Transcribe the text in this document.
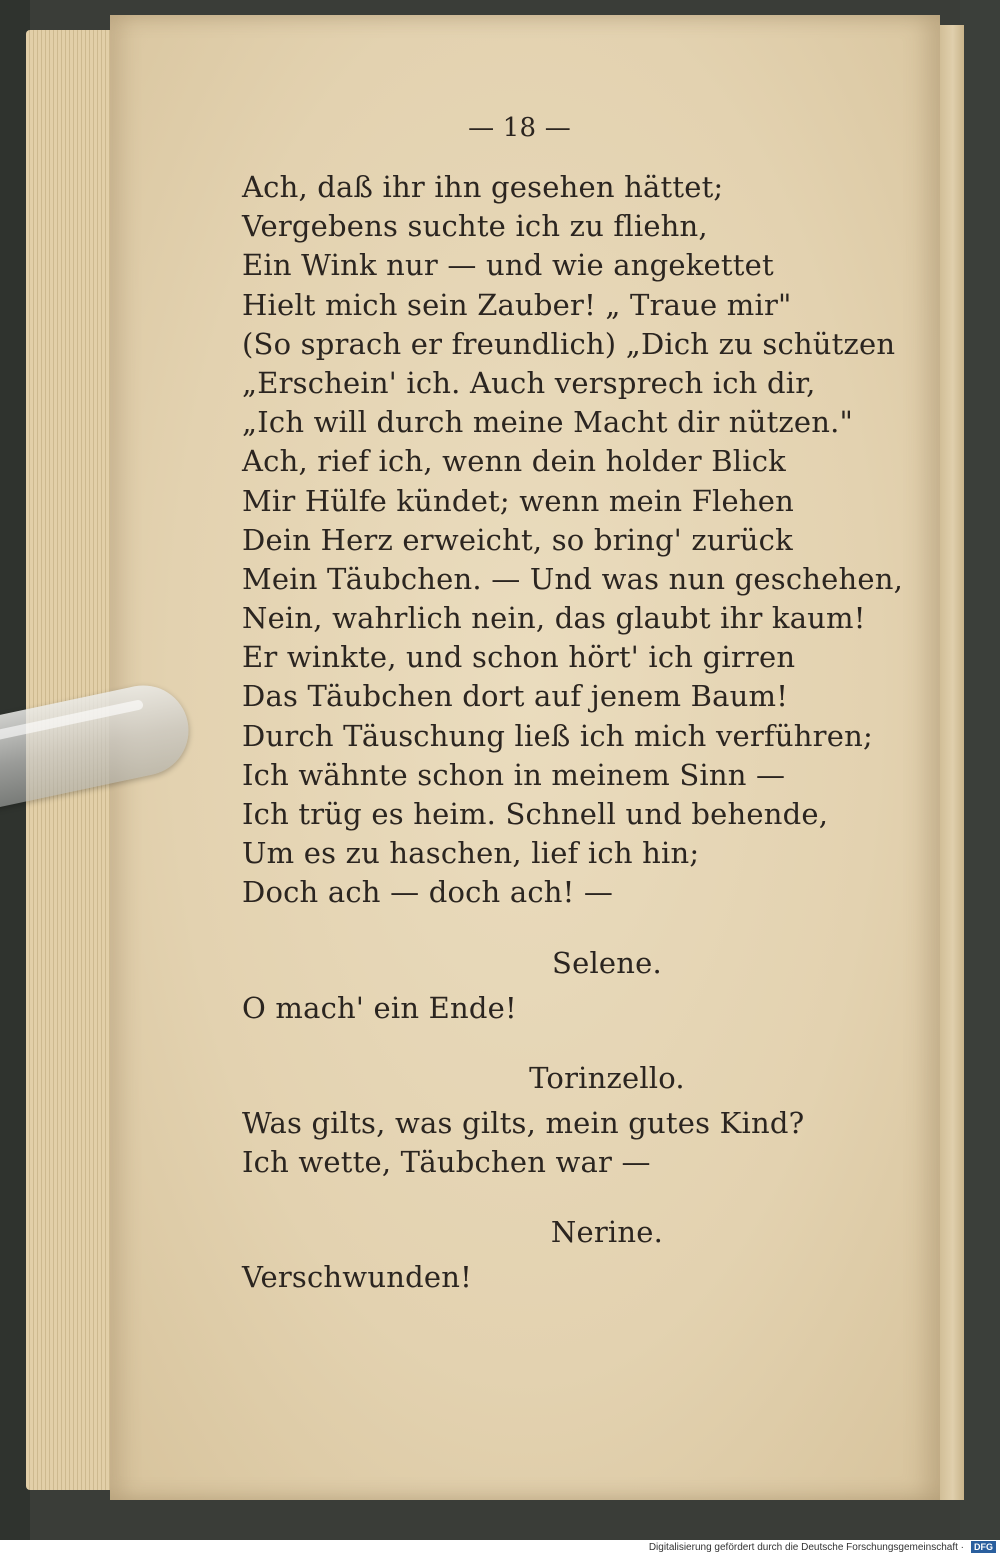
— 18 —
Ach, daß ihr ihn gesehen hättet;
Vergebens suchte ich zu fliehn,
Ein Wink nur — und wie angekettet
Hielt mich sein Zauber! „ Traue mir"
(So sprach er freundlich) „Dich zu schützen
„Erschein' ich. Auch versprech ich dir,
„Ich will durch meine Macht dir nützen."
Ach, rief ich, wenn dein holder Blick
Mir Hülfe kündet; wenn mein Flehen
Dein Herz erweicht, so bring' zurück
Mein Täubchen. — Und was nun geschehen,
Nein, wahrlich nein, das glaubt ihr kaum!
Er winkte, und schon hört' ich girren
Das Täubchen dort auf jenem Baum!
Durch Täuschung ließ ich mich verführen;
Ich wähnte schon in meinem Sinn —
Ich trüg es heim. Schnell und behende,
Um es zu haschen, lief ich hin;
Doch ach — doch ach! —
Selene.
O mach' ein Ende!
Torinzello.
Was gilts, was gilts, mein gutes Kind?
Ich wette, Täubchen war —
Nerine.
Verschwunden!
Digitalisierung gefördert durch die Deutsche Forschungsgemeinschaft ·	DFG
